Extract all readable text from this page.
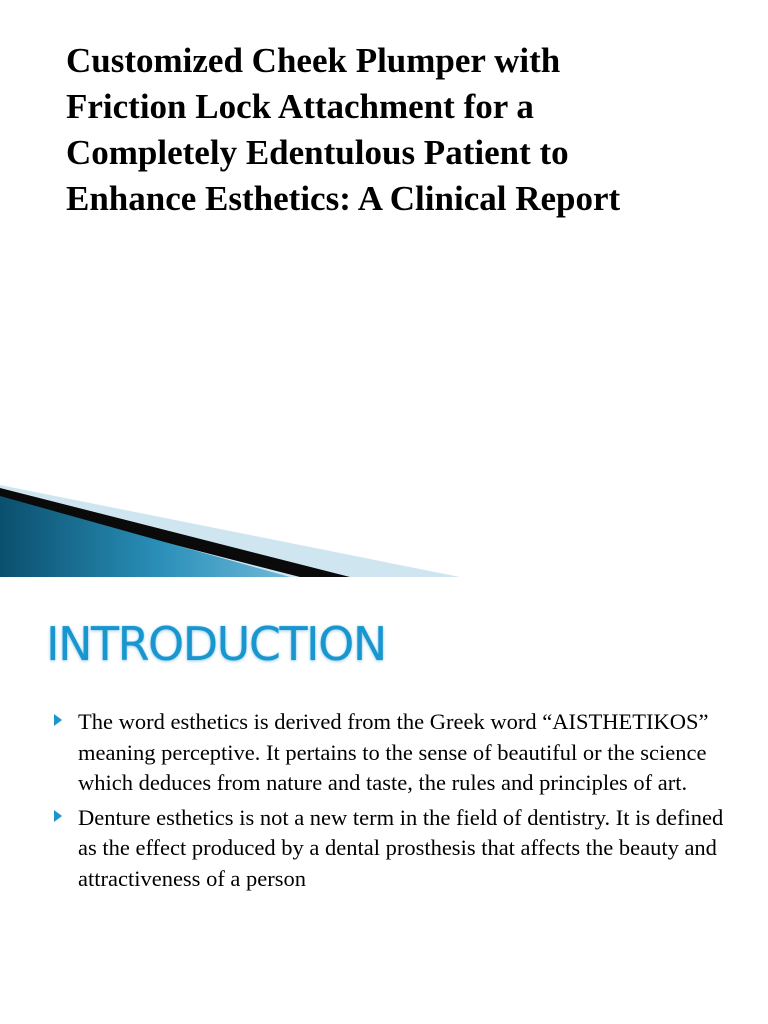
Customized Cheek Plumper with
Friction Lock Attachment for a
Completely Edentulous Patient to
Enhance Esthetics: A Clinical Report
INTRODUCTION
The word esthetics is derived from the Greek word “AISTHETIKOS” meaning perceptive. It pertains to the sense of beautiful or the science which deduces from nature and taste, the rules and principles of art.
Denture esthetics is not a new term in the field of dentistry. It is defined as the effect produced by a dental prosthesis that affects the beauty and attractiveness of a person
